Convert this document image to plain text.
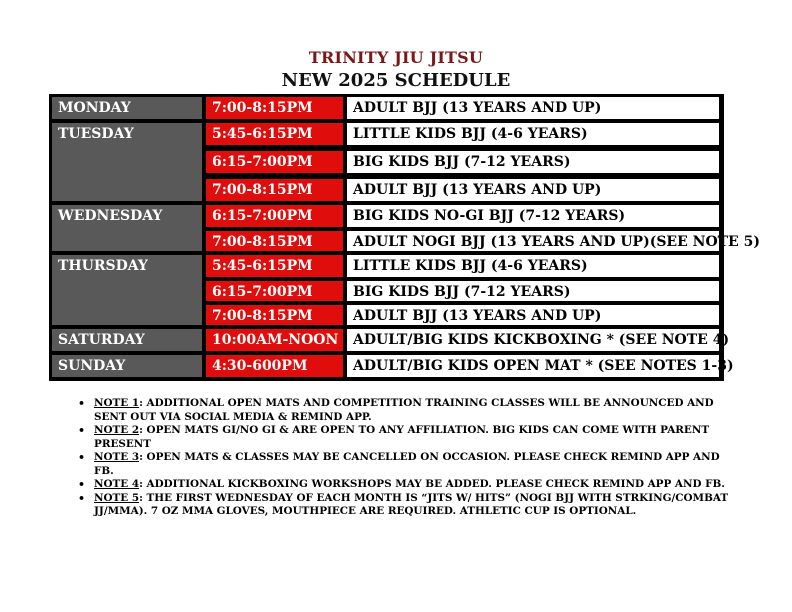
TRINITY JIU JITSU
NEW 2025 SCHEDULE
MONDAY
TUESDAY
WEDNESDAY
THURSDAY
SATURDAY
SUNDAY
7:00-8:15PM
5:45-6:15PM
6:15-7:00PM
7:00-8:15PM
6:15-7:00PM
7:00-8:15PM
5:45-6:15PM
6:15-7:00PM
7:00-8:15PM
10:00AM-NOON
4:30-600PM
ADULT BJJ (13 YEARS AND UP)
LITTLE KIDS BJJ (4-6 YEARS)
BIG KIDS BJJ (7-12 YEARS)
ADULT BJJ (13 YEARS AND UP)
BIG KIDS NO-GI BJJ (7-12 YEARS)
ADULT NOGI BJJ (13 YEARS AND UP)(SEE NOTE 5)
LITTLE KIDS BJJ (4-6 YEARS)
BIG KIDS BJJ (7-12 YEARS)
ADULT BJJ (13 YEARS AND UP)
ADULT/BIG KIDS KICKBOXING * (SEE NOTE 4)
ADULT/BIG KIDS OPEN MAT * (SEE NOTES 1-3)
• NOTE 1: ADDITIONAL OPEN MATS AND COMPETITION TRAINING CLASSES WILL BE ANNOUNCED AND SENT OUT VIA SOCIAL MEDIA & REMIND APP.
• NOTE 2: OPEN MATS GI/NO GI & ARE OPEN TO ANY AFFILIATION. BIG KIDS CAN COME WITH PARENT PRESENT
• NOTE 3: OPEN MATS & CLASSES MAY BE CANCELLED ON OCCASION. PLEASE CHECK REMIND APP AND FB.
• NOTE 4: ADDITIONAL KICKBOXING WORKSHOPS MAY BE ADDED. PLEASE CHECK REMIND APP AND FB.
• NOTE 5: THE FIRST WEDNESDAY OF EACH MONTH IS “JITS W/ HITS” (NOGI BJJ WITH STRKING/COMBAT JJ/MMA). 7 OZ MMA GLOVES, MOUTHPIECE ARE REQUIRED. ATHLETIC CUP IS OPTIONAL.
